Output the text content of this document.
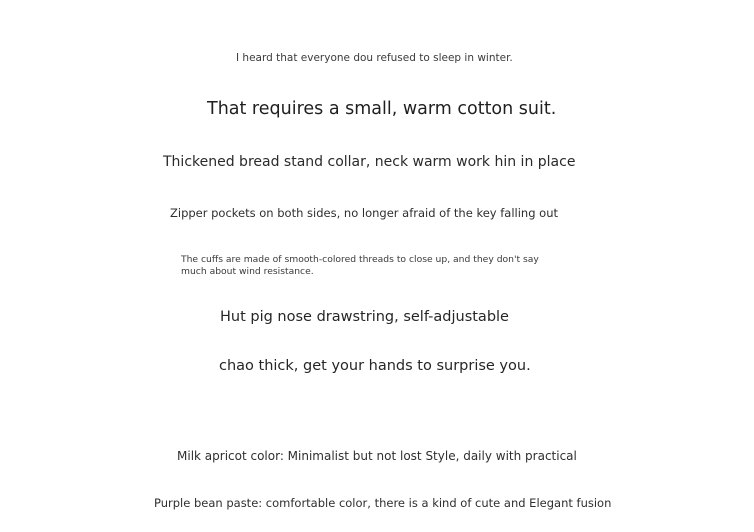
I heard that everyone dou refused to sleep in winter.
That requires a small, warm cotton suit.
Thickened bread stand collar, neck warm work hin in place
Zipper pockets on both sides, no longer afraid of the key falling out
The cuffs are made of smooth-colored threads to close up, and they don't say much about wind resistance.
Hut pig nose drawstring, self-adjustable
chao thick, get your hands to surprise you.
Milk apricot color: Minimalist but not lost Style, daily with practical
Purple bean paste: comfortable color, there is a kind of cute and Elegant fusion
